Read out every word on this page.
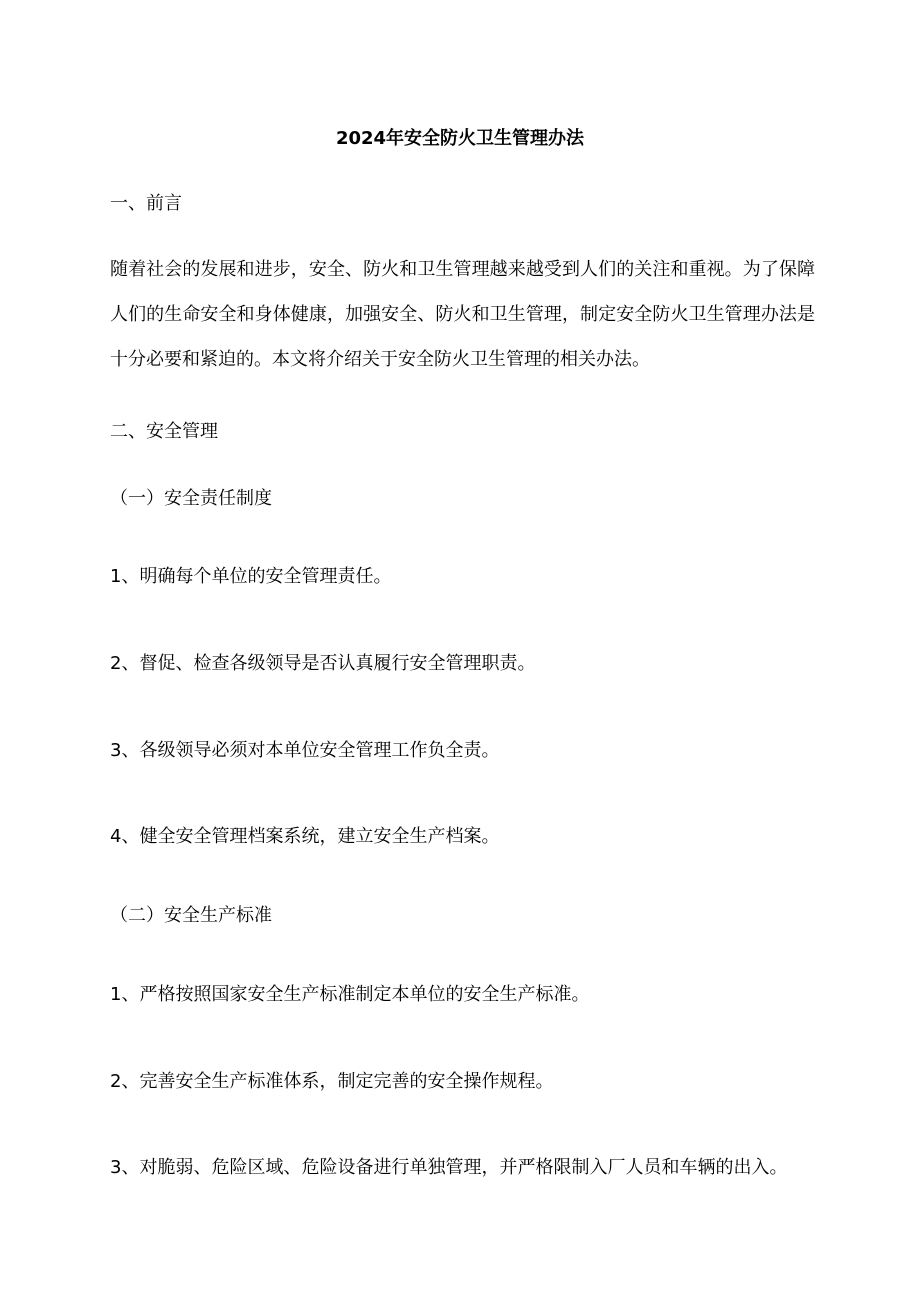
2024年安全防火卫生管理办法
一、前言
随着社会的发展和进步，安全、防火和卫生管理越来越受到人们的关注和重视。为了保障人们的生命安全和身体健康，加强安全、防火和卫生管理，制定安全防火卫生管理办法是十分必要和紧迫的。本文将介绍关于安全防火卫生管理的相关办法。
二、安全管理
（一）安全责任制度
1、明确每个单位的安全管理责任。
2、督促、检查各级领导是否认真履行安全管理职责。
3、各级领导必须对本单位安全管理工作负全责。
4、健全安全管理档案系统，建立安全生产档案。
（二）安全生产标准
1、严格按照国家安全生产标准制定本单位的安全生产标准。
2、完善安全生产标准体系，制定完善的安全操作规程。
3、对脆弱、危险区域、危险设备进行单独管理，并严格限制入厂人员和车辆的出入。
